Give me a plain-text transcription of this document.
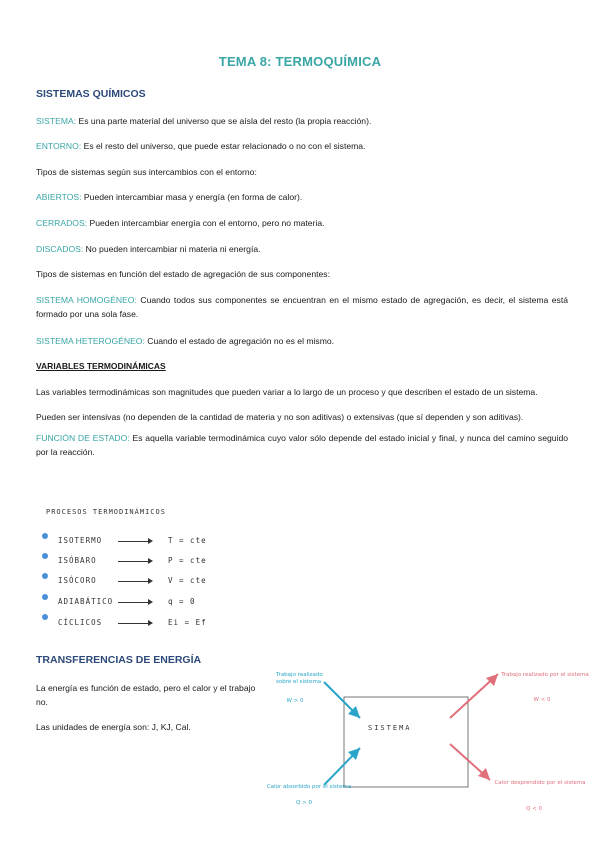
TEMA 8: TERMOQUÍMICA
SISTEMAS QUÍMICOS
SISTEMA: Es una parte material del universo que se aísla del resto (la propia reacción).
ENTORNO: Es el resto del universo, que puede estar relacionado o no con el sistema.
Tipos de sistemas según sus intercambios con el entorno:
ABIERTOS: Pueden intercambiar masa y energía (en forma de calor).
CERRADOS: Pueden intercambiar energía con el entorno, pero no materia.
DISCADOS: No pueden intercambiar ni materia ni energía.
Tipos de sistemas en función del estado de agregación de sus componentes:
SISTEMA HOMOGÉNEO: Cuando todos sus componentes se encuentran en el mismo estado de agregación, es decir, el sistema está formado por una sola fase.
SISTEMA HETEROGÉNEO: Cuando el estado de agregación no es el mismo.
VARIABLES TERMODINÁMICAS
Las variables termodinámicas son magnitudes que pueden variar a lo largo de un proceso y que describen el estado de un sistema.
Pueden ser intensivas (no dependen de la cantidad de materia y no son aditivas) o extensivas (que sí dependen y son aditivas).
FUNCIÓN DE ESTADO: Es aquella variable termodinámica cuyo valor sólo depende del estado inicial y final, y nunca del camino seguido por la reacción.
PROCESOS TERMODINÁMICOS
ISOTERMO	T = cte
ISÓBARO	P = cte
ISÓCORO	V = cte
ADIABÁTICO	q = 0
CÍCLICOS	Ei = Ef
TRANSFERENCIAS DE ENERGÍA
La energía es función de estado, pero el calor y el trabajo no.
Las unidades de energía son: J, KJ, Cal.	SISTEMA
Trabajo realizado sobre el sistema
W > 0
Calor absorbido por el sistema
Q > 0
Trabajo realizado por el sistema
W < 0
Calor desprendido por el sistema
Q < 0
